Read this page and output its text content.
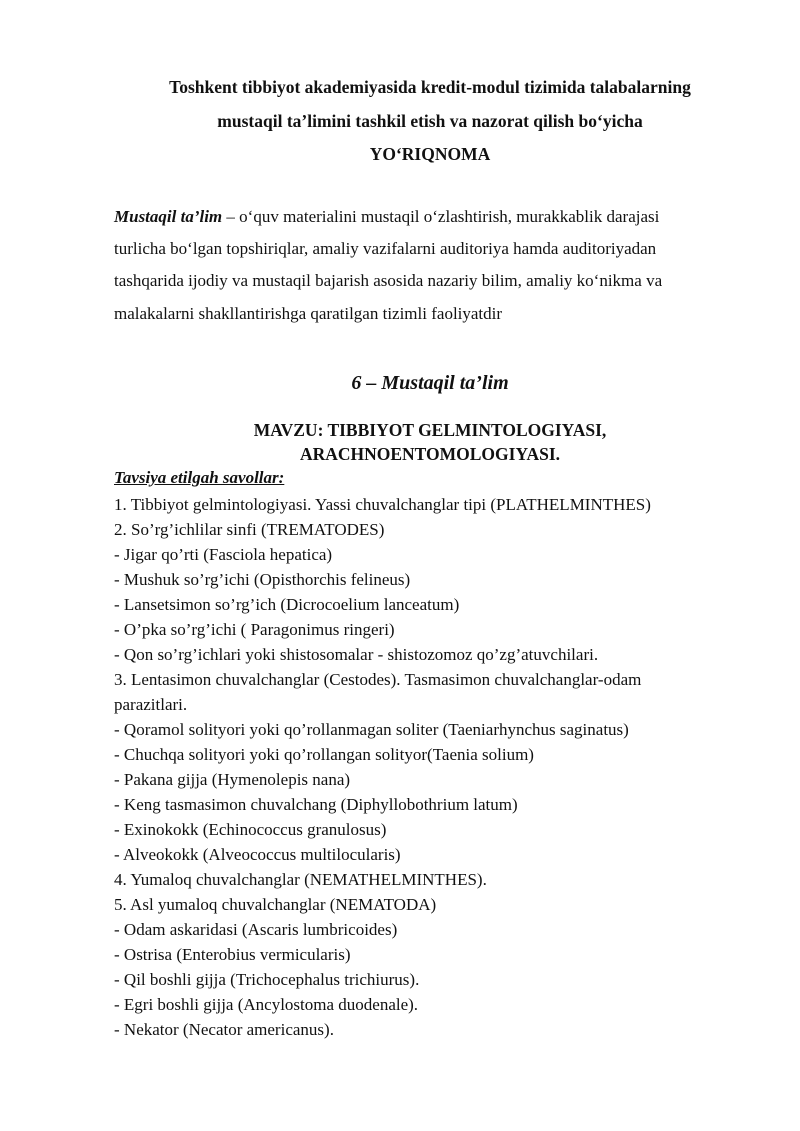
Toshkent tibbiyot akademiyasida kredit-modul tizimida talabalarning
mustaqil ta’limini tashkil etish va nazorat qilish bo‘yicha
YO‘RIQNOMA
Mustaqil ta’lim – o‘quv materialini mustaqil o‘zlashtirish, murakkablik darajasi
turlicha bo‘lgan topshiriqlar, amaliy vazifalarni auditoriya hamda auditoriyadan
tashqarida ijodiy va mustaqil bajarish asosida nazariy bilim, amaliy ko‘nikma va
malakalarni shakllantirishga qaratilgan tizimli faoliyatdir
6 – Mustaqil ta’lim
MAVZU: TIBBIYOT GELMINTOLOGIYASI,
ARACHNOENTOMOLOGIYASI.
Tavsiya etilgah savollar:
1. Tibbiyot gelmintologiyasi. Yassi chuvalchanglar tipi (PLATHELMINTHES)
2. So’rg’ichlilar sinfi (TREMATODES)
- Jigar qo’rti (Fasciola hepatica)
- Mushuk so’rg’ichi (Opisthorchis felineus)
- Lansetsimon so’rg’ich (Dicrocoelium lanceatum)
- O’pka so’rg’ichi ( Paragonimus ringeri)
- Qon so’rg’ichlari yoki shistosomalar - shistozomoz qo’zg’atuvchilari.
3. Lentasimon chuvalchanglar (Cestodes). Tasmasimon chuvalchanglar-odam
parazitlari.
- Qoramol solityori yoki qo’rollanmagan soliter (Taeniarhynchus saginatus)
- Chuchqa solityori yoki qo’rollangan solityor(Taenia solium)
- Pakana gijja (Hymenolepis nana)
- Keng tasmasimon chuvalchang (Diphyllobothrium latum)
- Exinokokk (Echinococcus granulosus)
- Alveokokk (Alveococcus multilocularis)
4. Yumaloq chuvalchanglar (NEMATHELMINTHES).
5. Asl yumaloq chuvalchanglar (NEMATODA)
- Odam askaridasi (Ascaris lumbricoides)
- Ostrisa (Enterobius vermicularis)
- Qil boshli gijja (Trichocephalus trichiurus).
- Egri boshli gijja (Ancylostoma duodenale).
- Nekator (Necator americanus).
